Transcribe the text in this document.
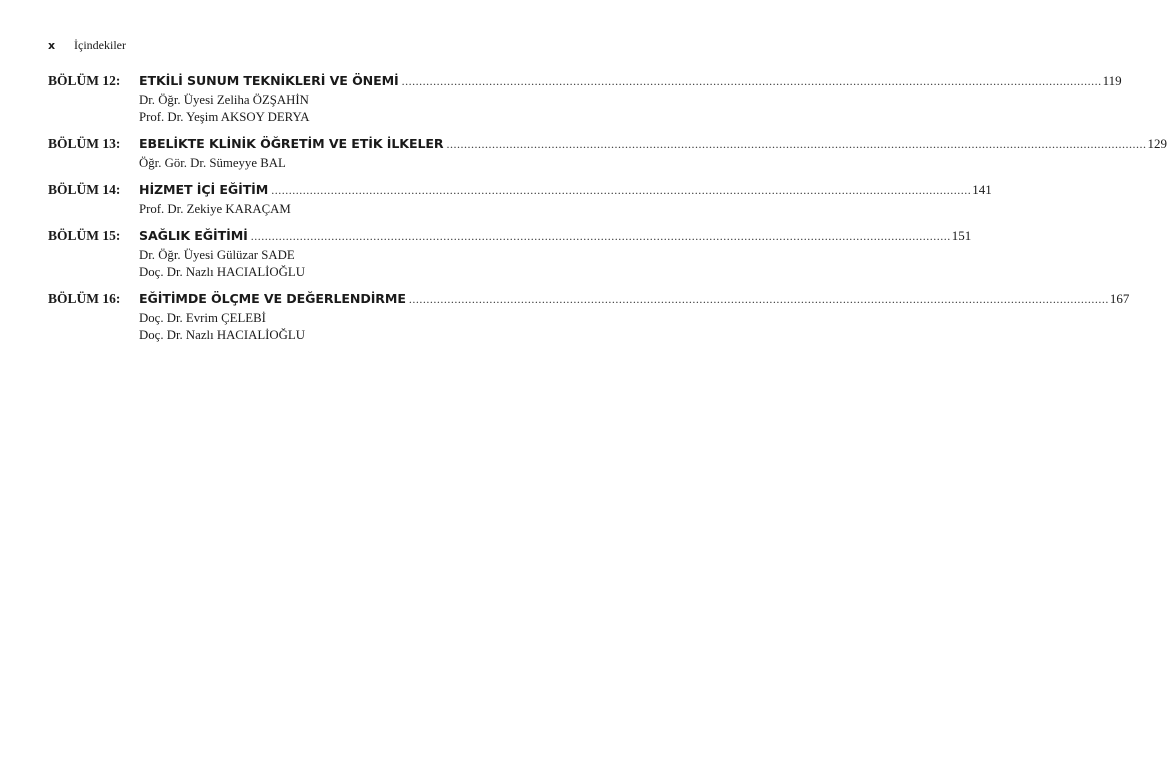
x	İçindekiler
BÖLÜM 12:	ETKİLİ SUNUM TEKNİKLERİ VE ÖNEMİ ........................................................................................................................................................................................................ 119
Dr. Öğr. Üyesi Zeliha ÖZŞAHİN
Prof. Dr. Yeşim AKSOY DERYA
BÖLÜM 13:	EBELİKTE KLİNİK ÖĞRETİM VE ETİK İLKELER ........................................................................................................................................................................................................ 129
Öğr. Gör. Dr. Sümeyye BAL
BÖLÜM 14:	HİZMET İÇİ EĞİTİM ........................................................................................................................................................................................................ 141
Prof. Dr. Zekiye KARAÇAM
BÖLÜM 15:	SAĞLIK EĞİTİMİ ........................................................................................................................................................................................................ 151
Dr. Öğr. Üyesi Gülüzar SADE
Doç. Dr. Nazlı HACIALİOĞLU
BÖLÜM 16:	EĞİTİMDE ÖLÇME VE DEĞERLENDİRME ........................................................................................................................................................................................................ 167
Doç. Dr. Evrim ÇELEBİ
Doç. Dr. Nazlı HACIALİOĞLU
